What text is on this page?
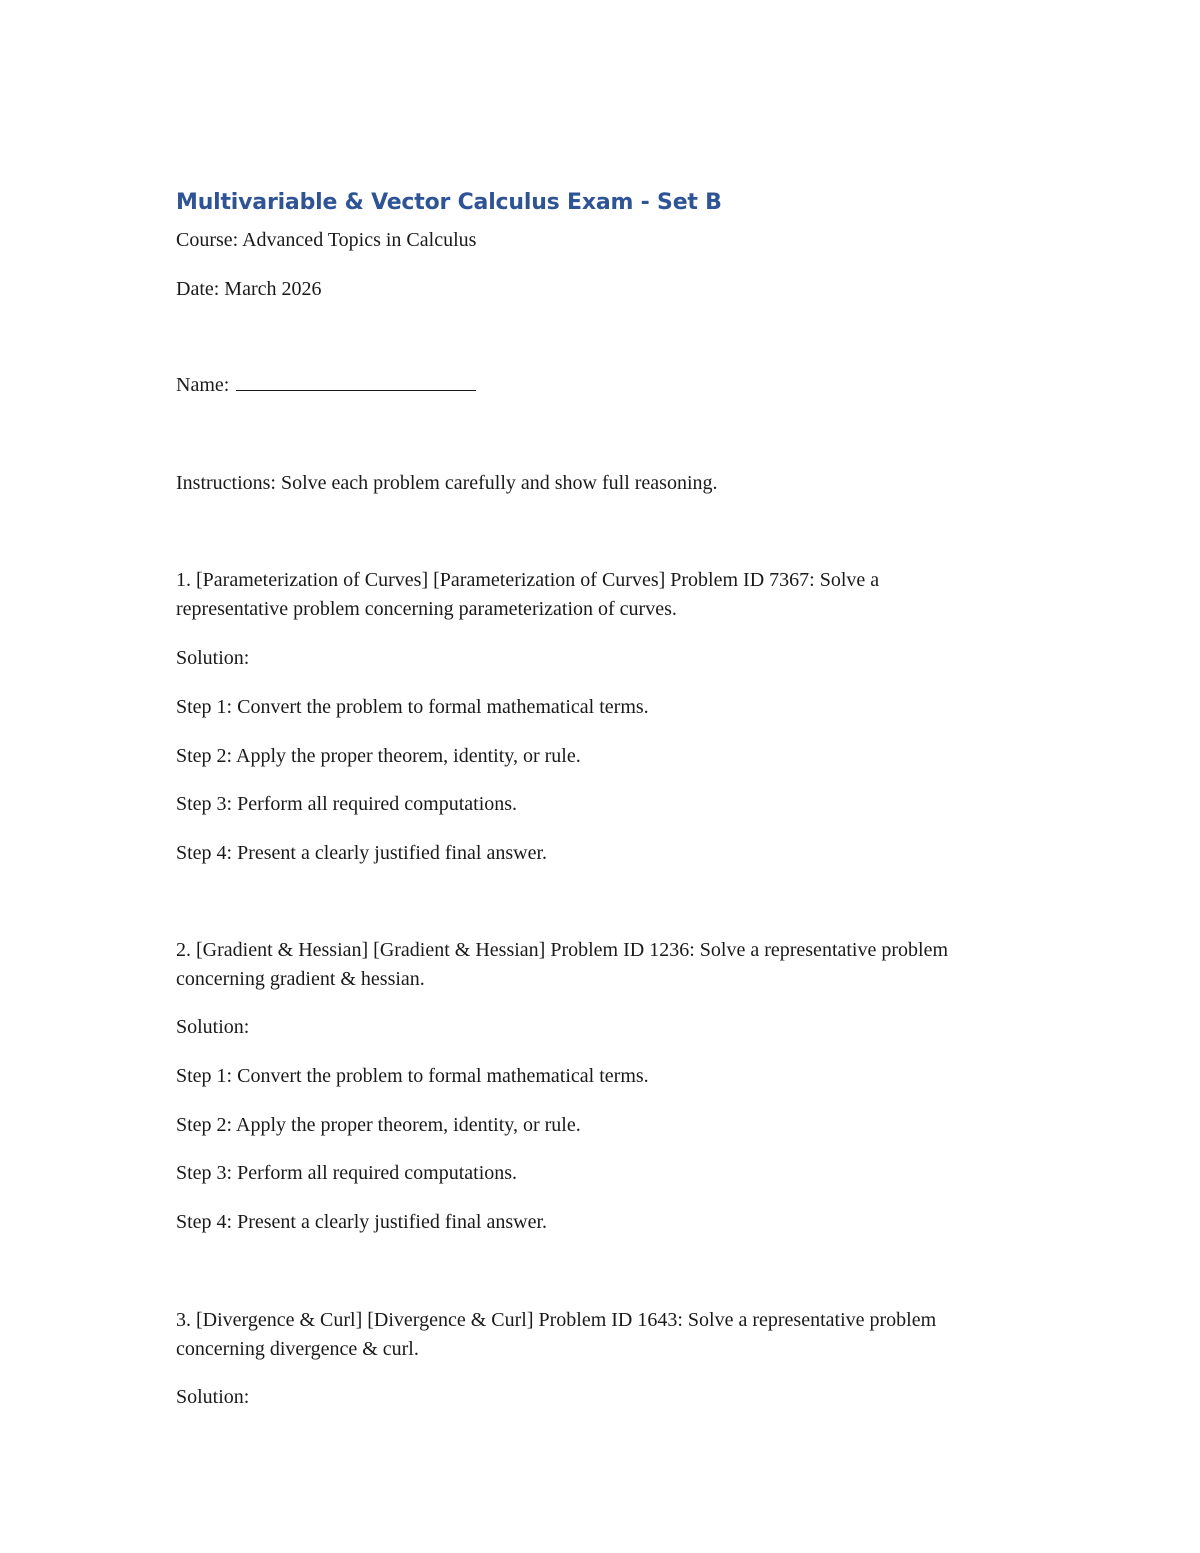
Multivariable & Vector Calculus Exam - Set B
Course: Advanced Topics in Calculus
Date: March 2026
Name:
Instructions: Solve each problem carefully and show full reasoning.
1. [Parameterization of Curves] [Parameterization of Curves] Problem ID 7367: Solve a representative problem concerning parameterization of curves.
Solution:
Step 1: Convert the problem to formal mathematical terms.
Step 2: Apply the proper theorem, identity, or rule.
Step 3: Perform all required computations.
Step 4: Present a clearly justified final answer.
2. [Gradient & Hessian] [Gradient & Hessian] Problem ID 1236: Solve a representative problem concerning gradient & hessian.
Solution:
Step 1: Convert the problem to formal mathematical terms.
Step 2: Apply the proper theorem, identity, or rule.
Step 3: Perform all required computations.
Step 4: Present a clearly justified final answer.
3. [Divergence & Curl] [Divergence & Curl] Problem ID 1643: Solve a representative problem concerning divergence & curl.
Solution:
